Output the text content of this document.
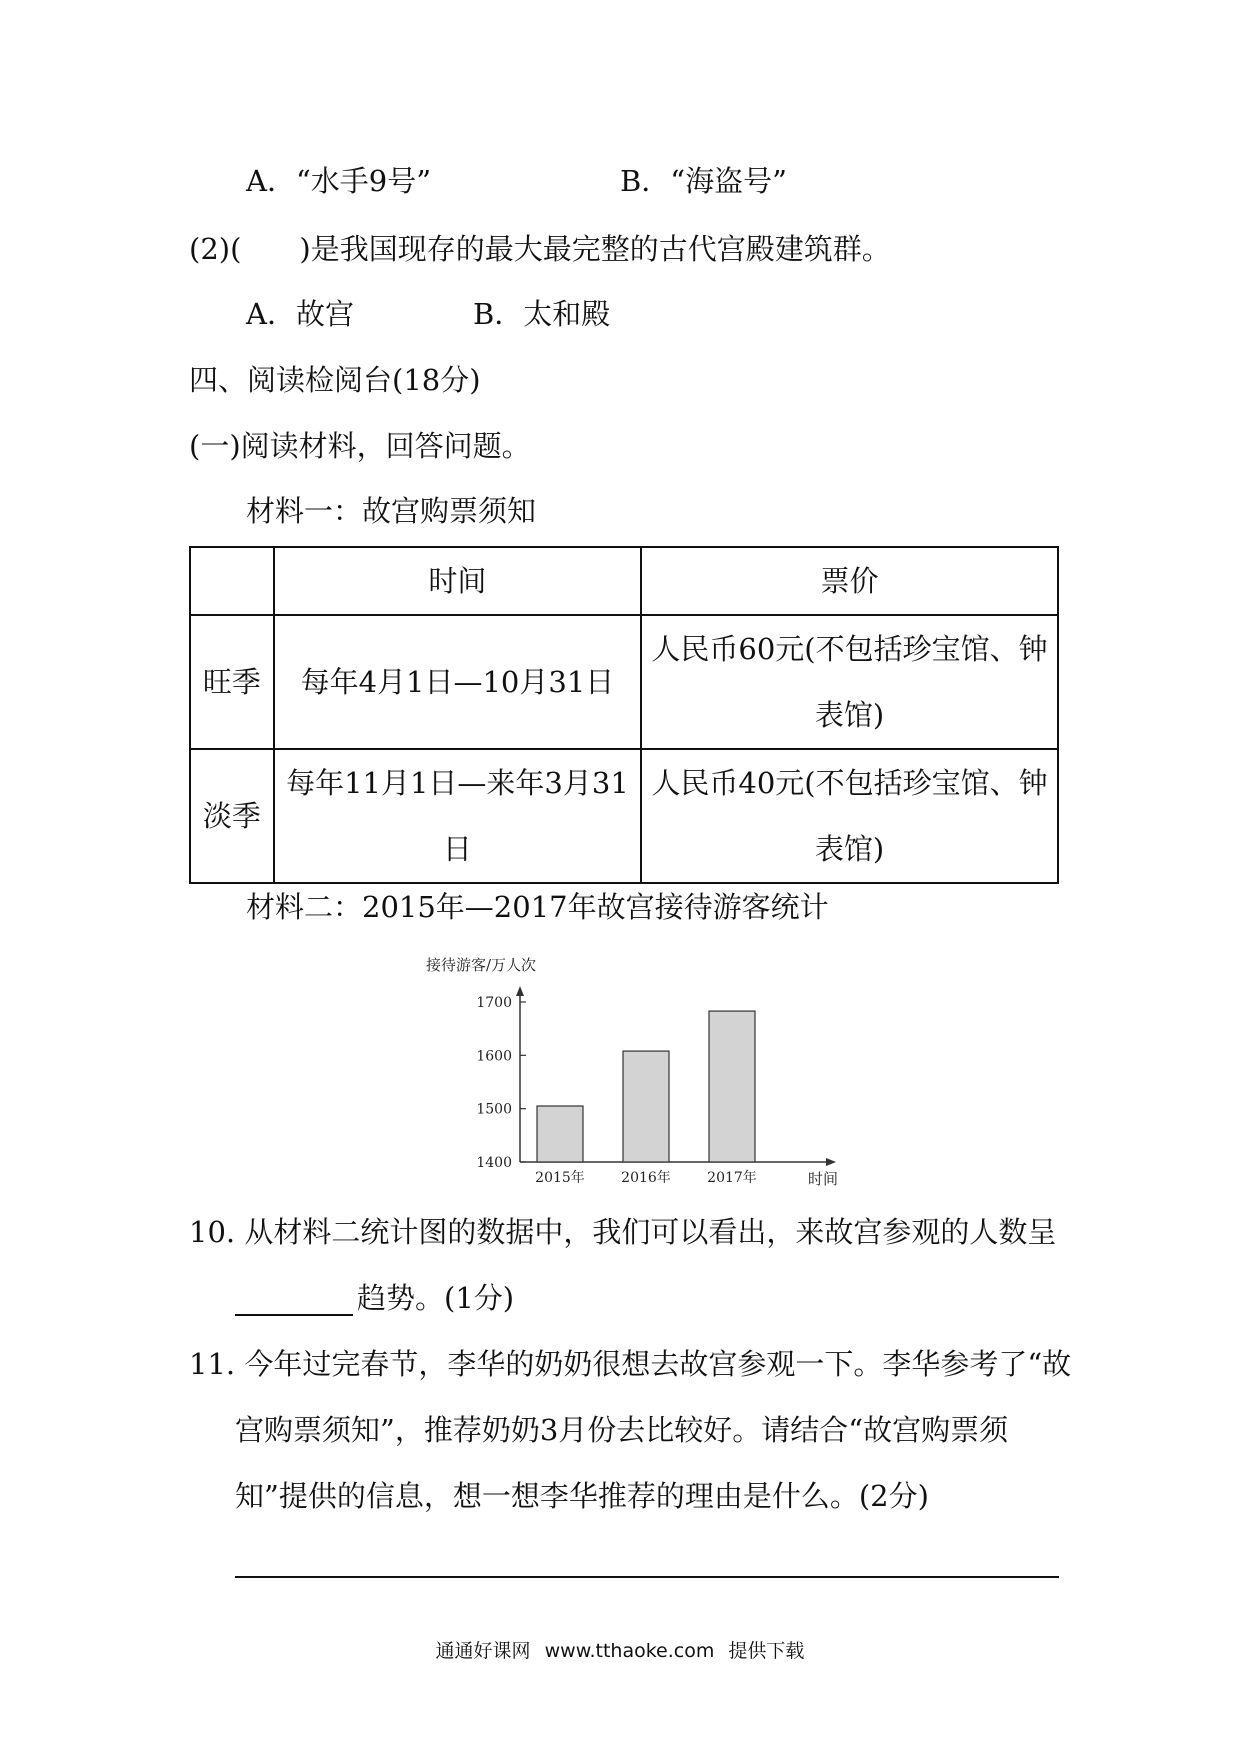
A．“水手9号”	B．“海盗号”
(2)(　　)是我国现存的最大最完整的古代宫殿建筑群。
A．故宫	B．太和殿
四、阅读检阅台(18分)
(一)阅读材料，回答问题。
材料一：故宫购票须知
	时间	票价
旺季	每年4月1日—10月31日	人民币60元(不包括珍宝馆、钟表馆)
淡季	每年11月1日—来年3月31日	人民币40元(不包括珍宝馆、钟表馆)
材料二：2015年—2017年故宫接待游客统计
接待游客/万人次
1400
1500
1600
1700
2015年	2016年	2017年	时间
10. 从材料二统计图的数据中，我们可以看出，来故宫参观的人数呈
趋势。(1分)
11. 今年过完春节，李华的奶奶很想去故宫参观一下。李华参考了“故
宫购票须知”，推荐奶奶3月份去比较好。请结合“故宫购票须
知”提供的信息，想一想李华推荐的理由是什么。(2分)
通通好课网 www.tthaoke.com 提供下载
